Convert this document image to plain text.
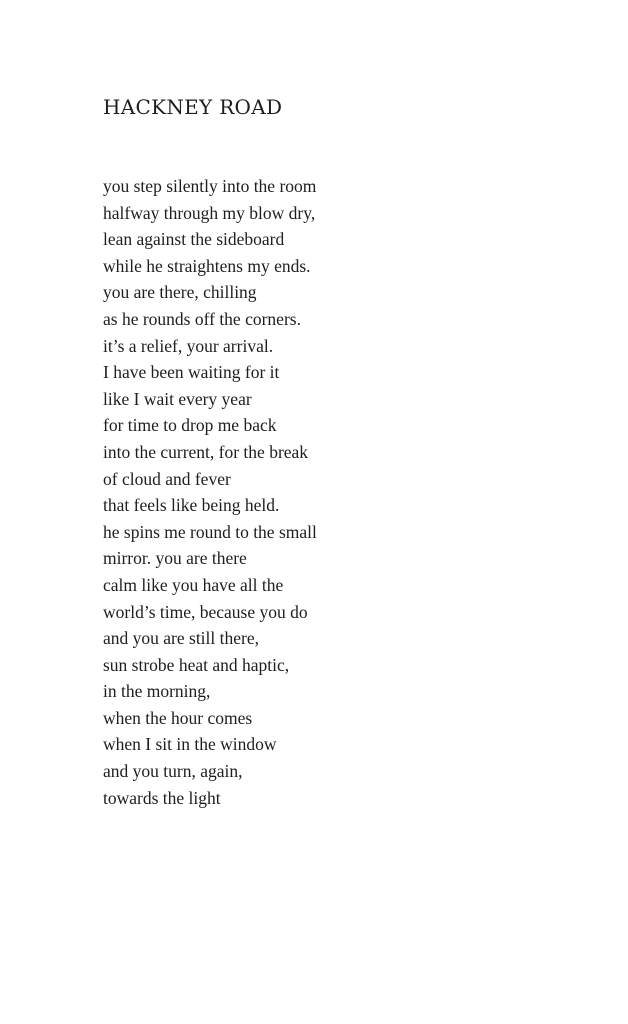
HACKNEY ROAD
you step silently into the room
halfway through my blow dry,
lean against the sideboard
while he straightens my ends.
you are there, chilling
as he rounds off the corners.
it’s a relief, your arrival.
I have been waiting for it
like I wait every year
for time to drop me back
into the current, for the break
of cloud and fever
that feels like being held.
he spins me round to the small
mirror. you are there
calm like you have all the
world’s time, because you do
and you are still there,
sun strobe heat and haptic,
in the morning,
when the hour comes
when I sit in the window
and you turn, again,
towards the light
